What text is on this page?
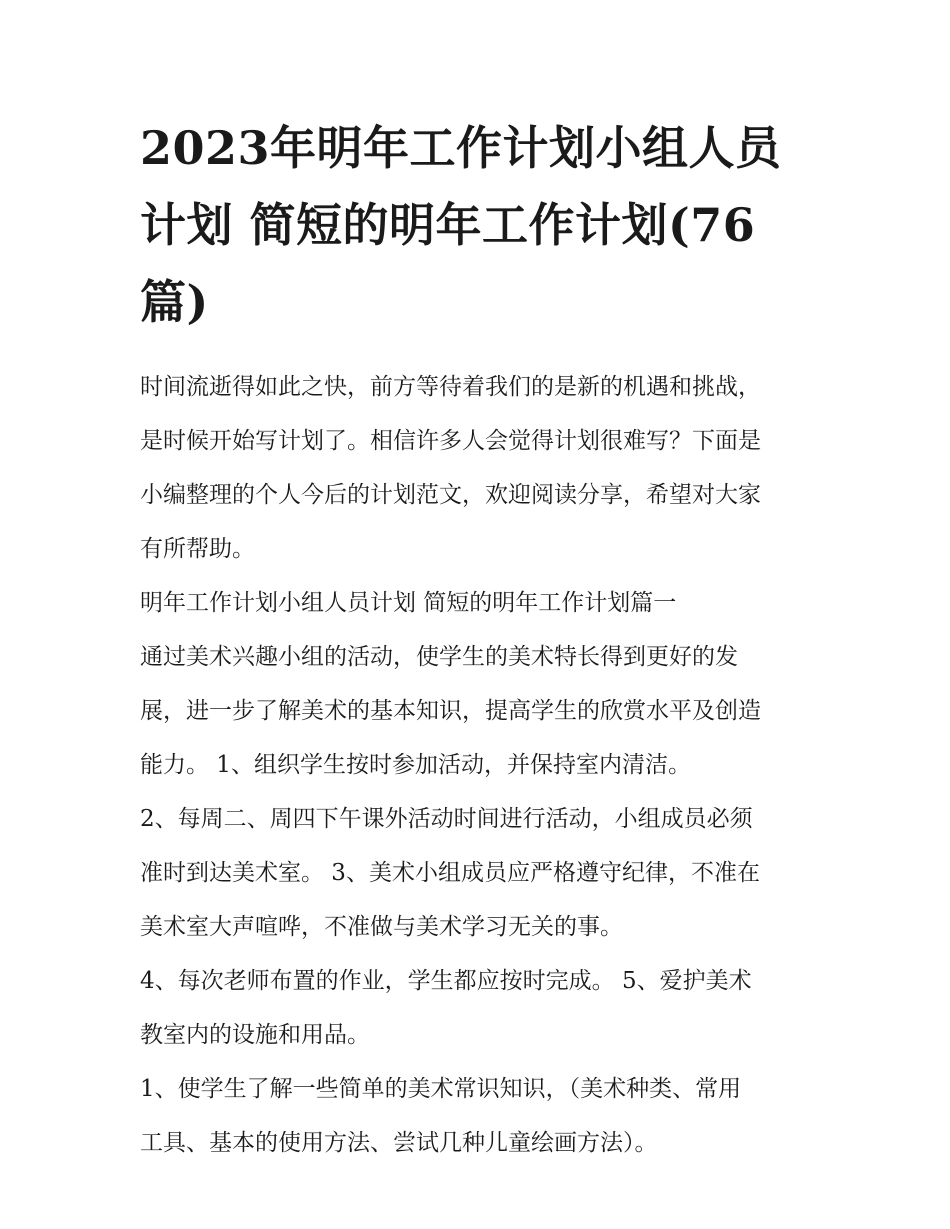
2023年明年工作计划小组人员
计划 简短的明年工作计划(76
篇)
时间流逝得如此之快，前方等待着我们的是新的机遇和挑战，
是时候开始写计划了。相信许多人会觉得计划很难写？下面是
小编整理的个人今后的计划范文，欢迎阅读分享，希望对大家
有所帮助。
明年工作计划小组人员计划 简短的明年工作计划篇一
通过美术兴趣小组的活动，使学生的美术特长得到更好的发
展，进一步了解美术的基本知识，提高学生的欣赏水平及创造
能力。 1、组织学生按时参加活动，并保持室内清洁。
2、每周二、周四下午课外活动时间进行活动，小组成员必须
准时到达美术室。 3、美术小组成员应严格遵守纪律，不准在
美术室大声喧哗，不准做与美术学习无关的事。
4、每次老师布置的作业，学生都应按时完成。 5、爱护美术
教室内的设施和用品。
1、使学生了解一些简单的美术常识知识，（美术种类、常用
工具、基本的使用方法、尝试几种儿童绘画方法）。
